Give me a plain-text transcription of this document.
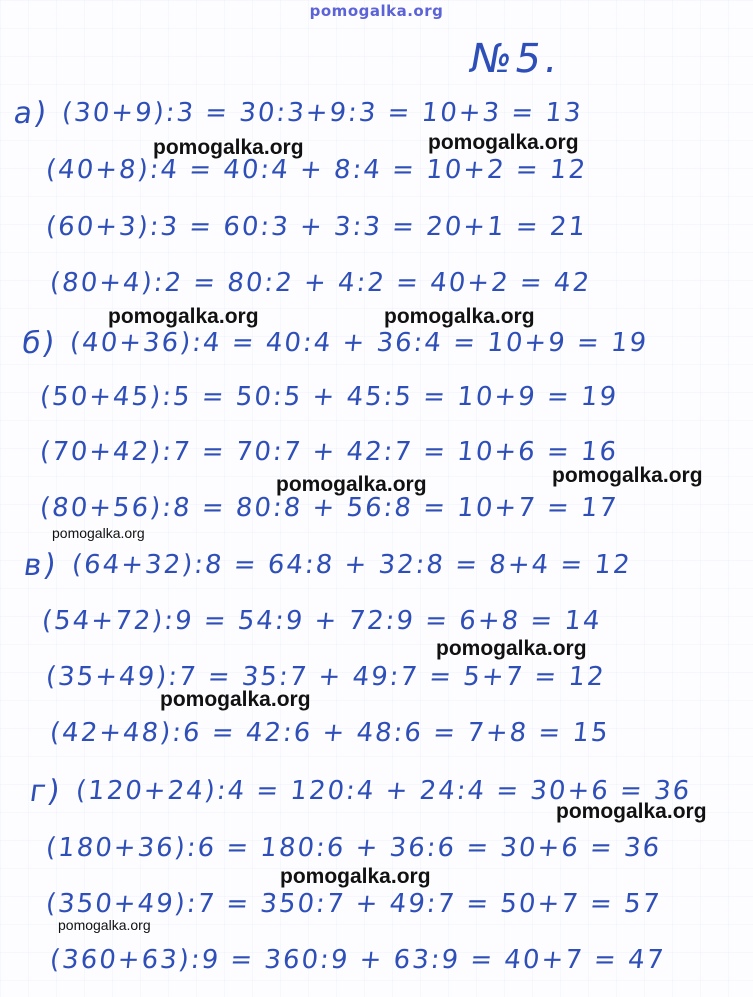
pomogalka.org
№5.
а) (30+9):3 = 30:3+9:3 = 10+3 = 13
(40+8):4 = 40:4 + 8:4 = 10+2 = 12
(60+3):3 = 60:3 + 3:3 = 20+1 = 21
(80+4):2 = 80:2 + 4:2 = 40+2 = 42
б) (40+36):4 = 40:4 + 36:4 = 10+9 = 19
(50+45):5 = 50:5 + 45:5 = 10+9 = 19
(70+42):7 = 70:7 + 42:7 = 10+6 = 16
(80+56):8 = 80:8 + 56:8 = 10+7 = 17
в) (64+32):8 = 64:8 + 32:8 = 8+4 = 12
(54+72):9 = 54:9 + 72:9 = 6+8 = 14
(35+49):7 = 35:7 + 49:7 = 5+7 = 12
(42+48):6 = 42:6 + 48:6 = 7+8 = 15
г) (120+24):4 = 120:4 + 24:4 = 30+6 = 36
(180+36):6 = 180:6 + 36:6 = 30+6 = 36
(350+49):7 = 350:7 + 49:7 = 50+7 = 57
(360+63):9 = 360:9 + 63:9 = 40+7 = 47
pomogalka.org	pomogalka.org
pomogalka.org	pomogalka.org
pomogalka.org
pomogalka.org
pomogalka.org
pomogalka.org
pomogalka.org
pomogalka.org
pomogalka.org
pomogalka.org
